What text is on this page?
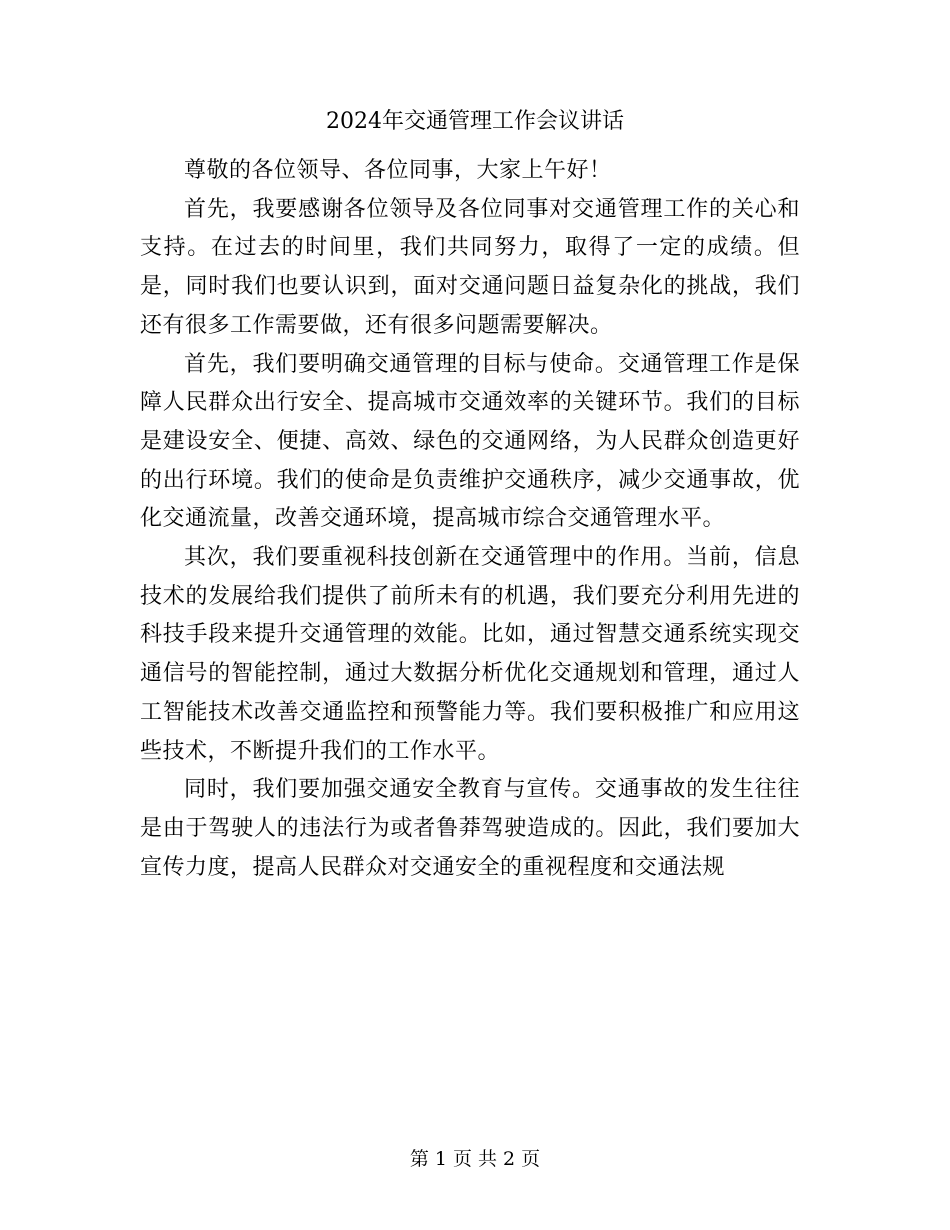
2024年交通管理工作会议讲话

尊敬的各位领导、各位同事，大家上午好！

首先，我要感谢各位领导及各位同事对交通管理工作的关心和支持。在过去的时间里，我们共同努力，取得了一定的成绩。但是，同时我们也要认识到，面对交通问题日益复杂化的挑战，我们还有很多工作需要做，还有很多问题需要解决。

首先，我们要明确交通管理的目标与使命。交通管理工作是保障人民群众出行安全、提高城市交通效率的关键环节。我们的目标是建设安全、便捷、高效、绿色的交通网络，为人民群众创造更好的出行环境。我们的使命是负责维护交通秩序，减少交通事故，优化交通流量，改善交通环境，提高城市综合交通管理水平。

其次，我们要重视科技创新在交通管理中的作用。当前，信息技术的发展给我们提供了前所未有的机遇，我们要充分利用先进的科技手段来提升交通管理的效能。比如，通过智慧交通系统实现交通信号的智能控制，通过大数据分析优化交通规划和管理，通过人工智能技术改善交通监控和预警能力等。我们要积极推广和应用这些技术，不断提升我们的工作水平。

同时，我们要加强交通安全教育与宣传。交通事故的发生往往是由于驾驶人的违法行为或者鲁莽驾驶造成的。因此，我们要加大宣传力度，提高人民群众对交通安全的重视程度和交通法规

第 1 页 共 2 页
